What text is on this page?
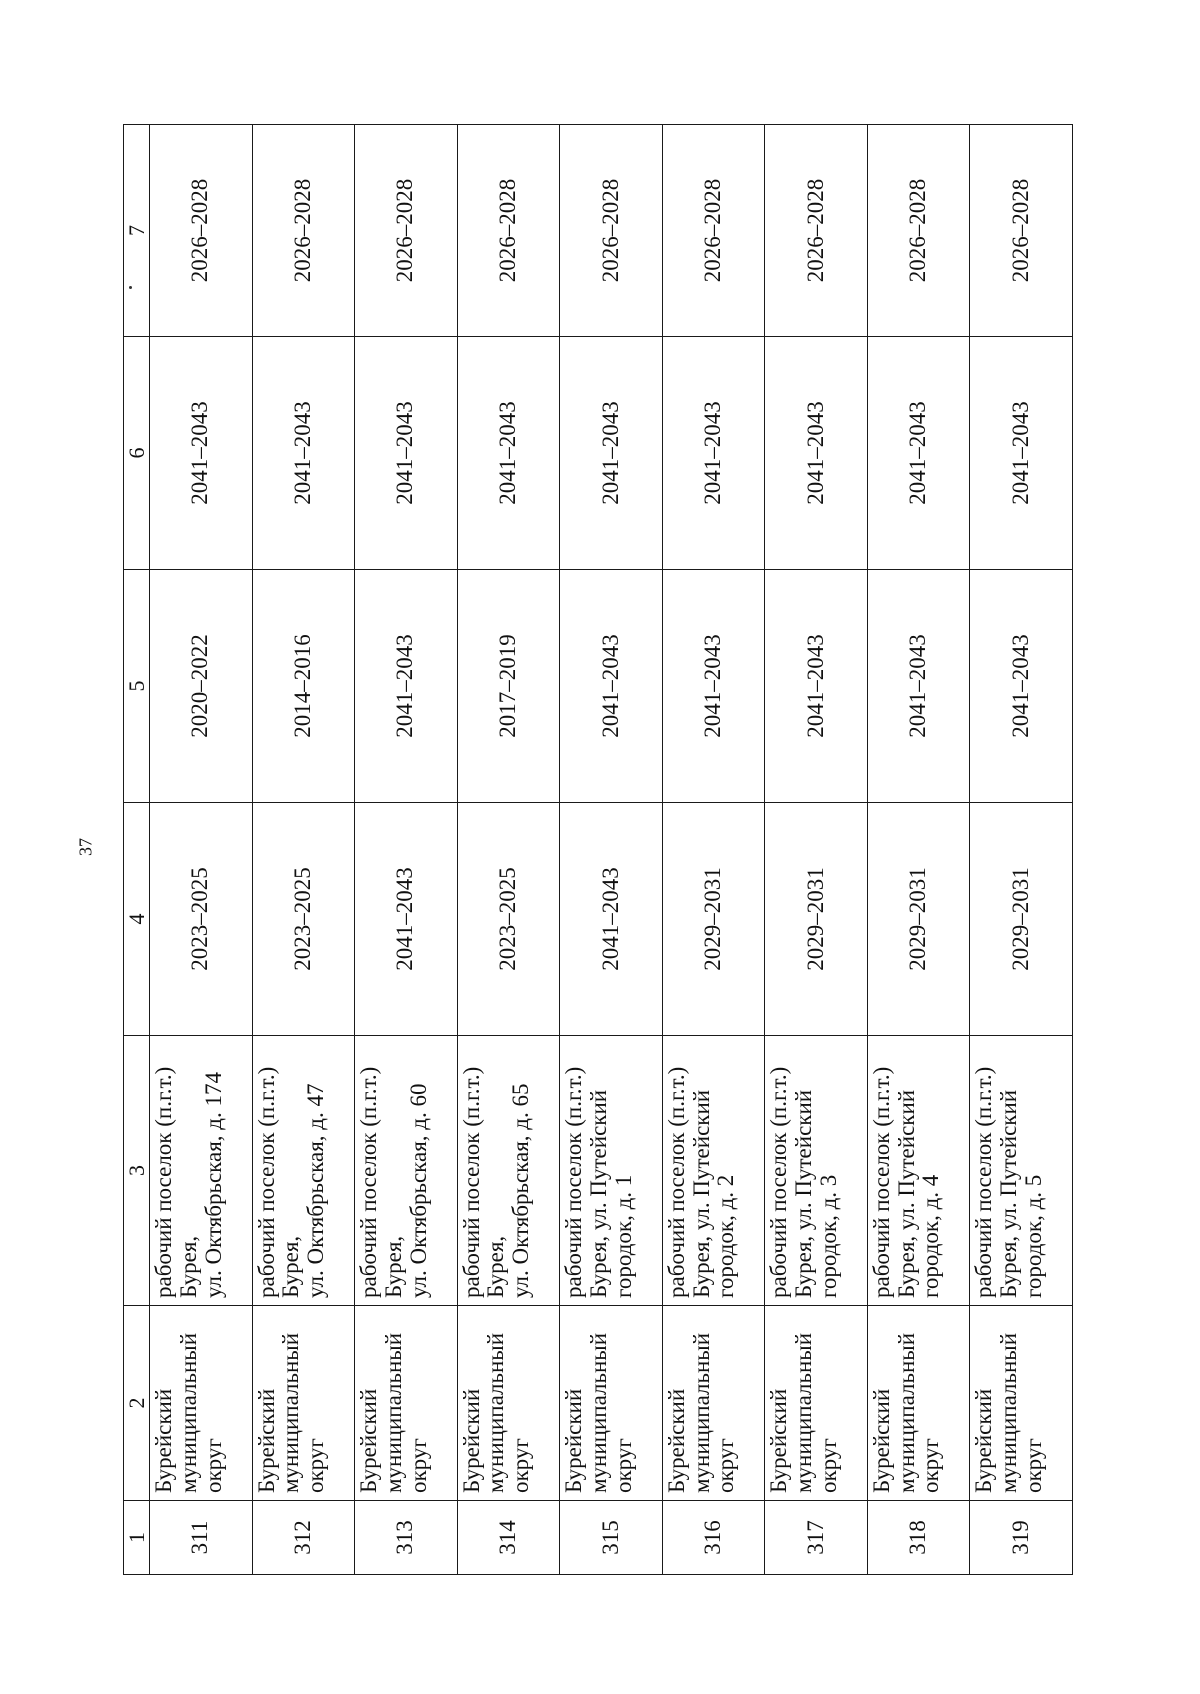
37
1	2	3	4	5	6	7
311	Бурейский муниципальный округ	рабочий поселок (п.г.т.) Бурея, ул. Октябрьская, д. 174	2023–2025	2020–2022	2041–2043	2026–2028
312	Бурейский муниципальный округ	рабочий поселок (п.г.т.) Бурея, ул. Октябрьская, д. 47	2023–2025	2014–2016	2041–2043	2026–2028
313	Бурейский муниципальный округ	рабочий поселок (п.г.т.) Бурея, ул. Октябрьская, д. 60	2041–2043	2041–2043	2041–2043	2026–2028
314	Бурейский муниципальный округ	рабочий поселок (п.г.т.) Бурея, ул. Октябрьская, д. 65	2023–2025	2017–2019	2041–2043	2026–2028
315	Бурейский муниципальный округ	рабочий поселок (п.г.т.) Бурея, ул. Путейский городок, д. 1	2041–2043	2041–2043	2041–2043	2026–2028
316	Бурейский муниципальный округ	рабочий поселок (п.г.т.) Бурея, ул. Путейский городок, д. 2	2029–2031	2041–2043	2041–2043	2026–2028
317	Бурейский муниципальный округ	рабочий поселок (п.г.т.) Бурея, ул. Путейский городок, д. 3	2029–2031	2041–2043	2041–2043	2026–2028
318	Бурейский муниципальный округ	рабочий поселок (п.г.т.) Бурея, ул. Путейский городок, д. 4	2029–2031	2041–2043	2041–2043	2026–2028
319	Бурейский муниципальный округ	рабочий поселок (п.г.т.) Бурея, ул. Путейский городок, д. 5	2029–2031	2041–2043	2041–2043	2026–2028
